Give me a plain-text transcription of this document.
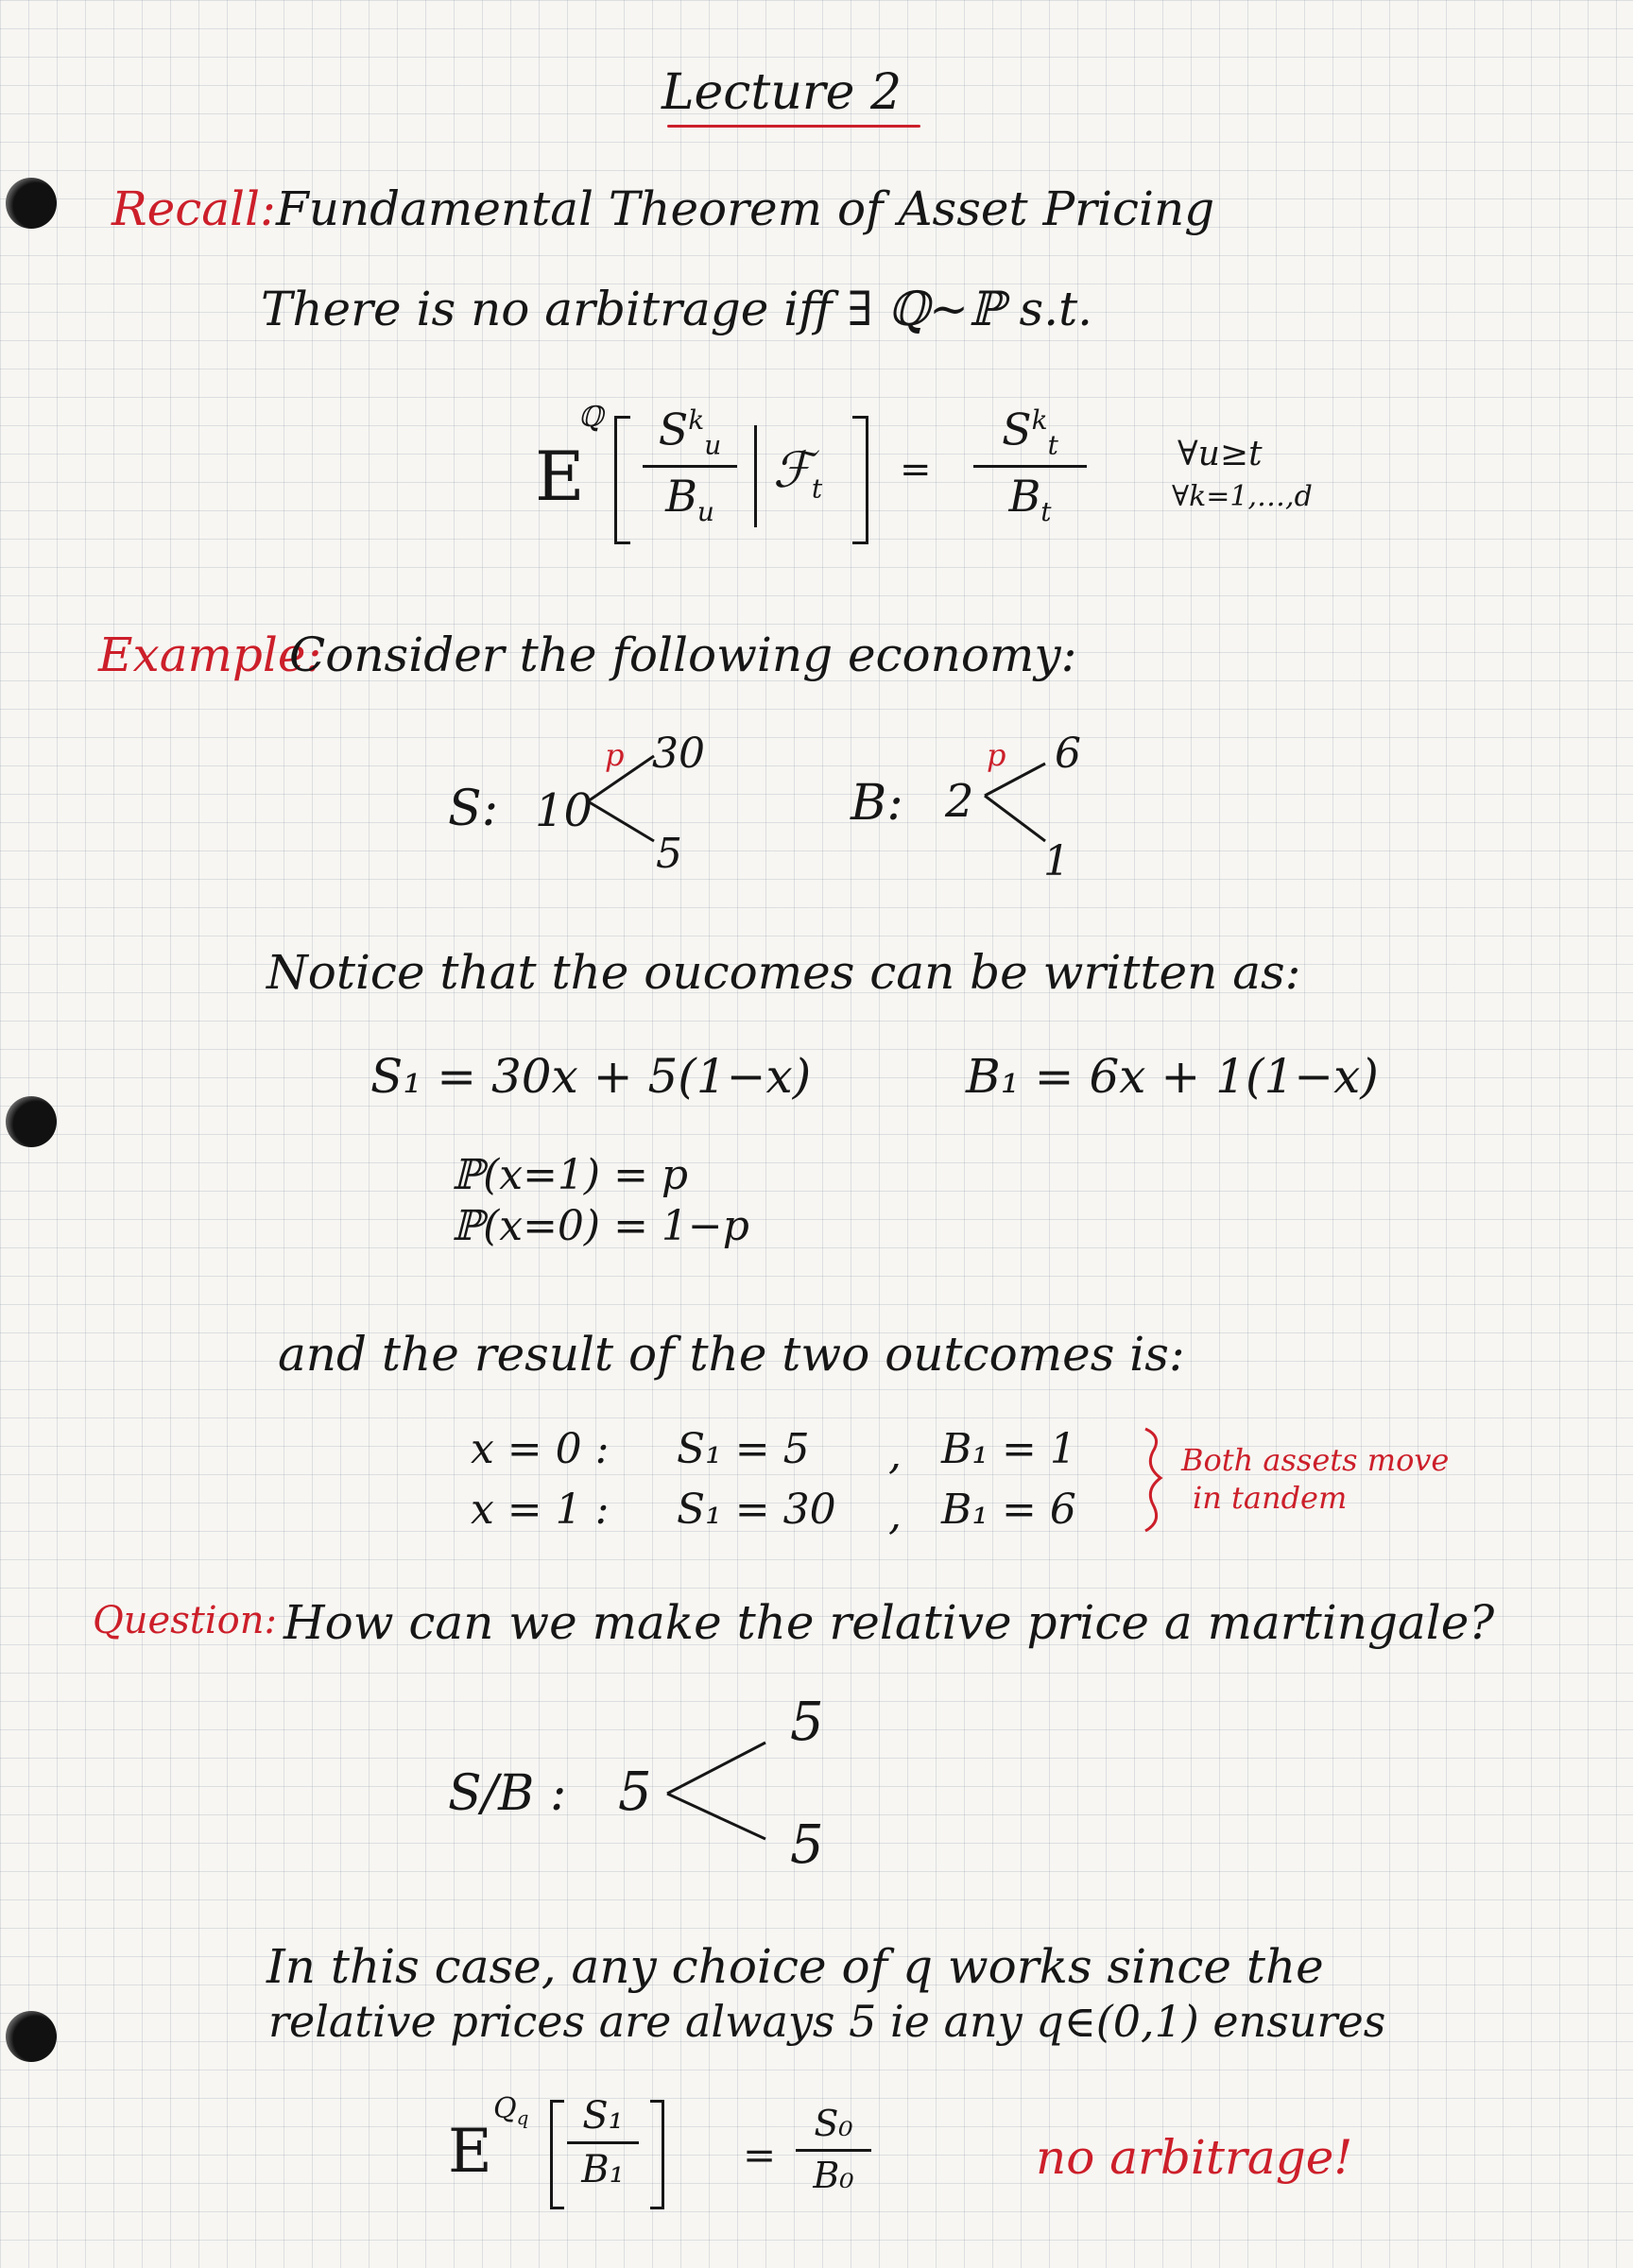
Lecture 2
Recall: Fundamental Theorem of Asset Pricing
There is no arbitrage iff ∃ ℚ~ℙ s.t.
E
ℚ	$S^k_u$
$B_u$
ℱ$_t$ =
$S^k_t$
$B_t$
∀u≥t
∀k=1,…,d
Example:
Consider the following economy:
S: 10
p 30
5
B: 2
p 6
1
Notice that the oucomes can be written as:
S₁ = 30x + 5(1−x)	B₁ = 6x + 1(1−x)
ℙ(x=1) = p
ℙ(x=0) = 1−p
and the result of the two outcomes is:
x = 0 : S₁ = 5 , B₁ = 1
x = 1 : S₁ = 30 , B₁ = 6
Both assets move
in tandem
Question: How can we make the relative price a martingale?
S/B : 5
5
5
In this case, any choice of q works since the
relative prices are always 5 ie any q∈(0,1) ensures
E
$Q_q$	S₁
B₁	=
S₀
B₀	no arbitrage!
